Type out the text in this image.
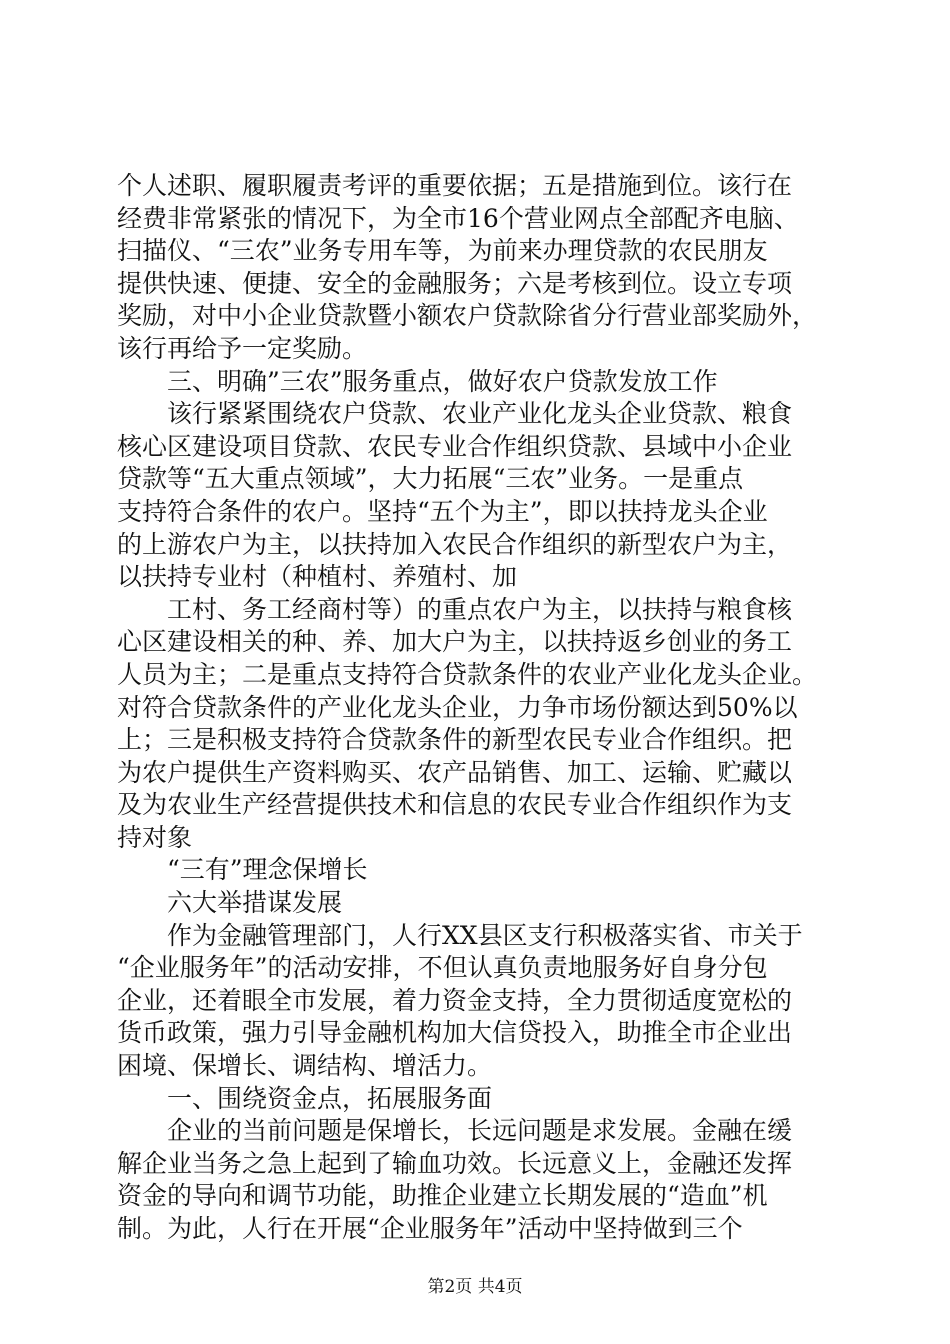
个人述职、履职履责考评的重要依据；五是措施到位。该行在
经费非常紧张的情况下，为全市16个营业网点全部配齐电脑、
扫描仪、“三农”业务专用车等，为前来办理贷款的农民朋友
提供快速、便捷、安全的金融服务；六是考核到位。设立专项
奖励，对中小企业贷款暨小额农户贷款除省分行营业部奖励外，
该行再给予一定奖励。
三、明确”三农”服务重点，做好农户贷款发放工作
该行紧紧围绕农户贷款、农业产业化龙头企业贷款、粮食
核心区建设项目贷款、农民专业合作组织贷款、县域中小企业
贷款等“五大重点领域”，大力拓展“三农”业务。一是重点
支持符合条件的农户。坚持“五个为主”，即以扶持龙头企业
的上游农户为主，以扶持加入农民合作组织的新型农户为主，
以扶持专业村（种植村、养殖村、加
工村、务工经商村等）的重点农户为主，以扶持与粮食核
心区建设相关的种、养、加大户为主，以扶持返乡创业的务工
人员为主；二是重点支持符合贷款条件的农业产业化龙头企业。
对符合贷款条件的产业化龙头企业，力争市场份额达到50%以
上；三是积极支持符合贷款条件的新型农民专业合作组织。把
为农户提供生产资料购买、农产品销售、加工、运输、贮藏以
及为农业生产经营提供技术和信息的农民专业合作组织作为支
持对象
“三有”理念保增长
六大举措谋发展
作为金融管理部门，人行XX县区支行积极落实省、市关于
“企业服务年”的活动安排，不但认真负责地服务好自身分包
企业，还着眼全市发展，着力资金支持，全力贯彻适度宽松的
货币政策，强力引导金融机构加大信贷投入，助推全市企业出
困境、保增长、调结构、增活力。
一、围绕资金点，拓展服务面
企业的当前问题是保增长，长远问题是求发展。金融在缓
解企业当务之急上起到了输血功效。长远意义上，金融还发挥
资金的导向和调节功能，助推企业建立长期发展的“造血”机
制。为此，人行在开展“企业服务年”活动中坚持做到三个
第2页 共4页
